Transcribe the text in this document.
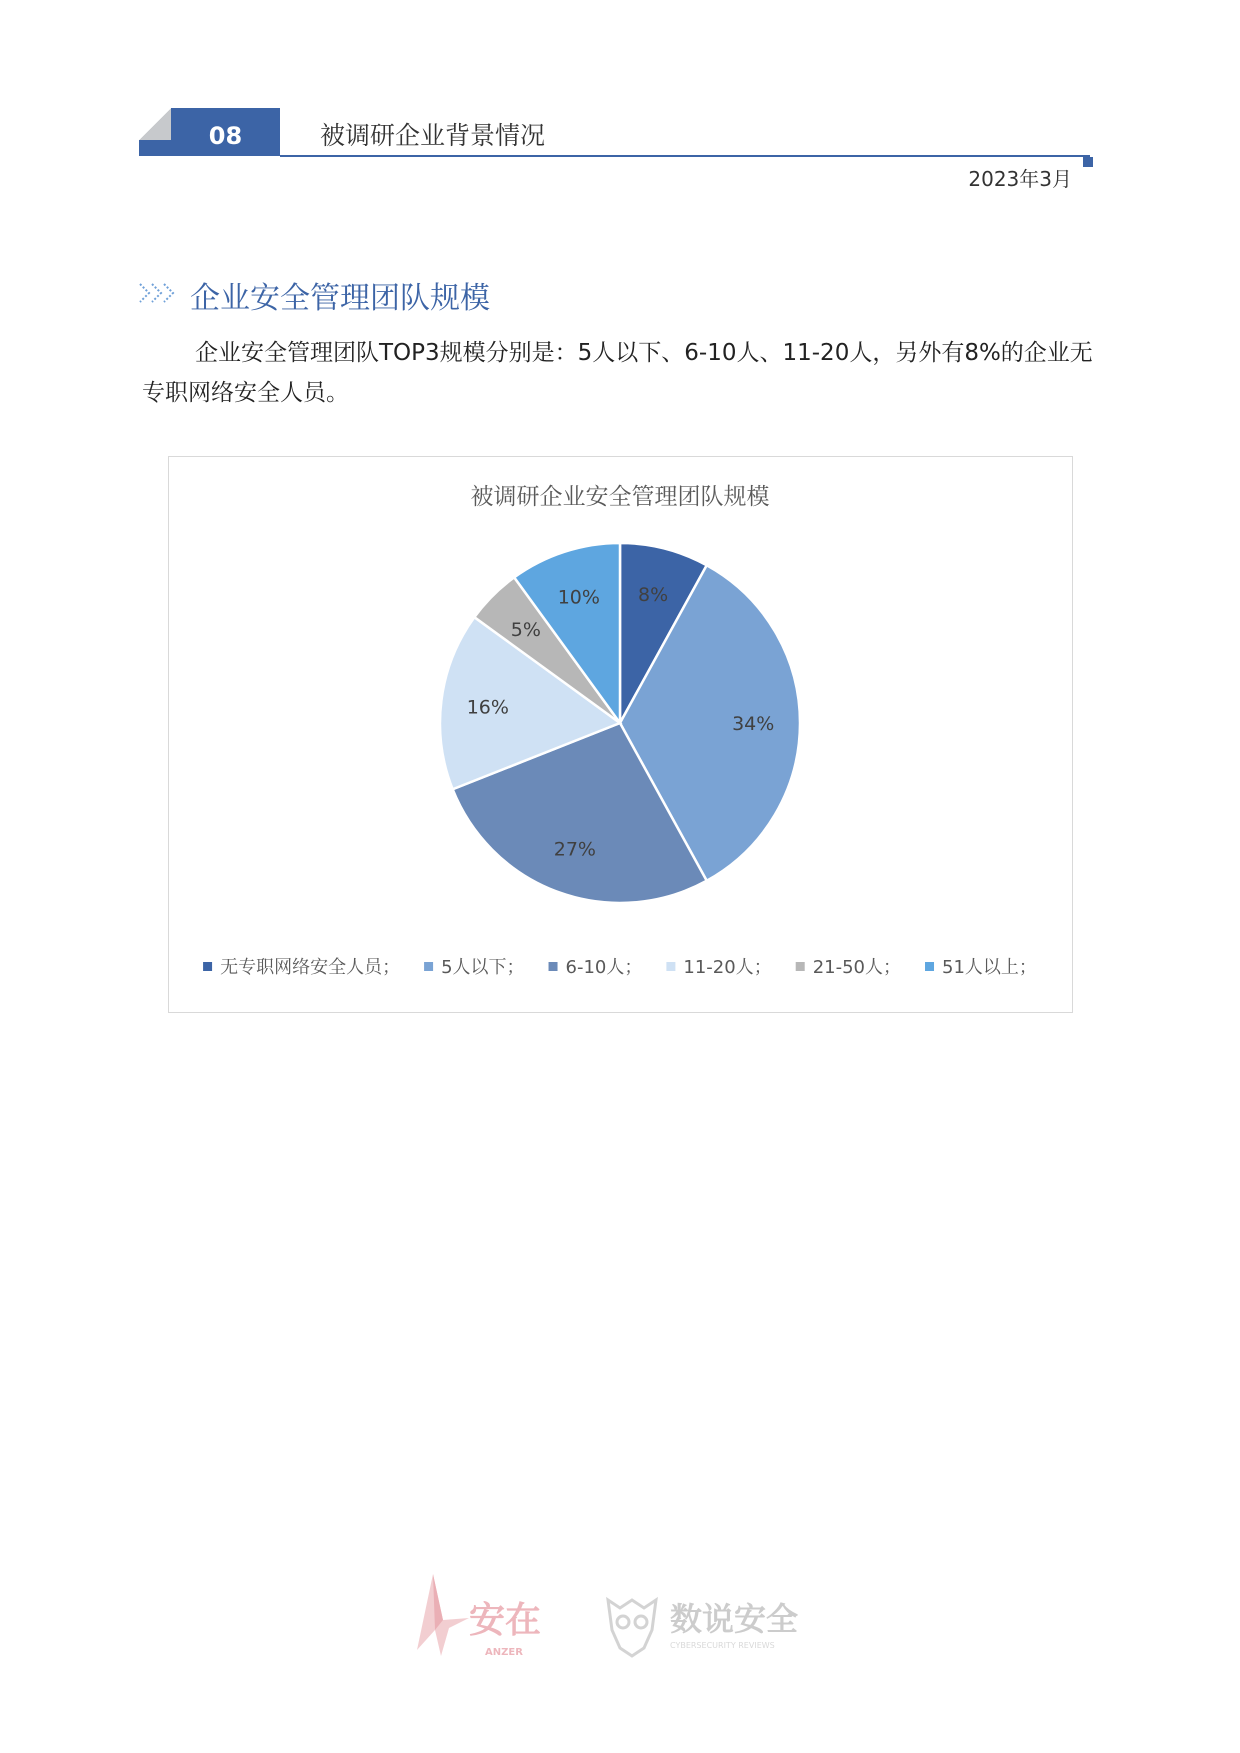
08	被调研企业背景情况
2023年3月
企业安全管理团队规模
企业安全管理团队TOP3规模分别是：5人以下、6-10人、11-20人，另外有8%的企业无专职网络安全人员。
被调研企业安全管理团队规模
8%
34%
27%
16%
5%
10%
无专职网络安全人员； 5人以下； 6-10人； 11-20人； 21-50人； 51人以上；
安在
ANZER
数说安全
CYBERSECURITY REVIEWS
